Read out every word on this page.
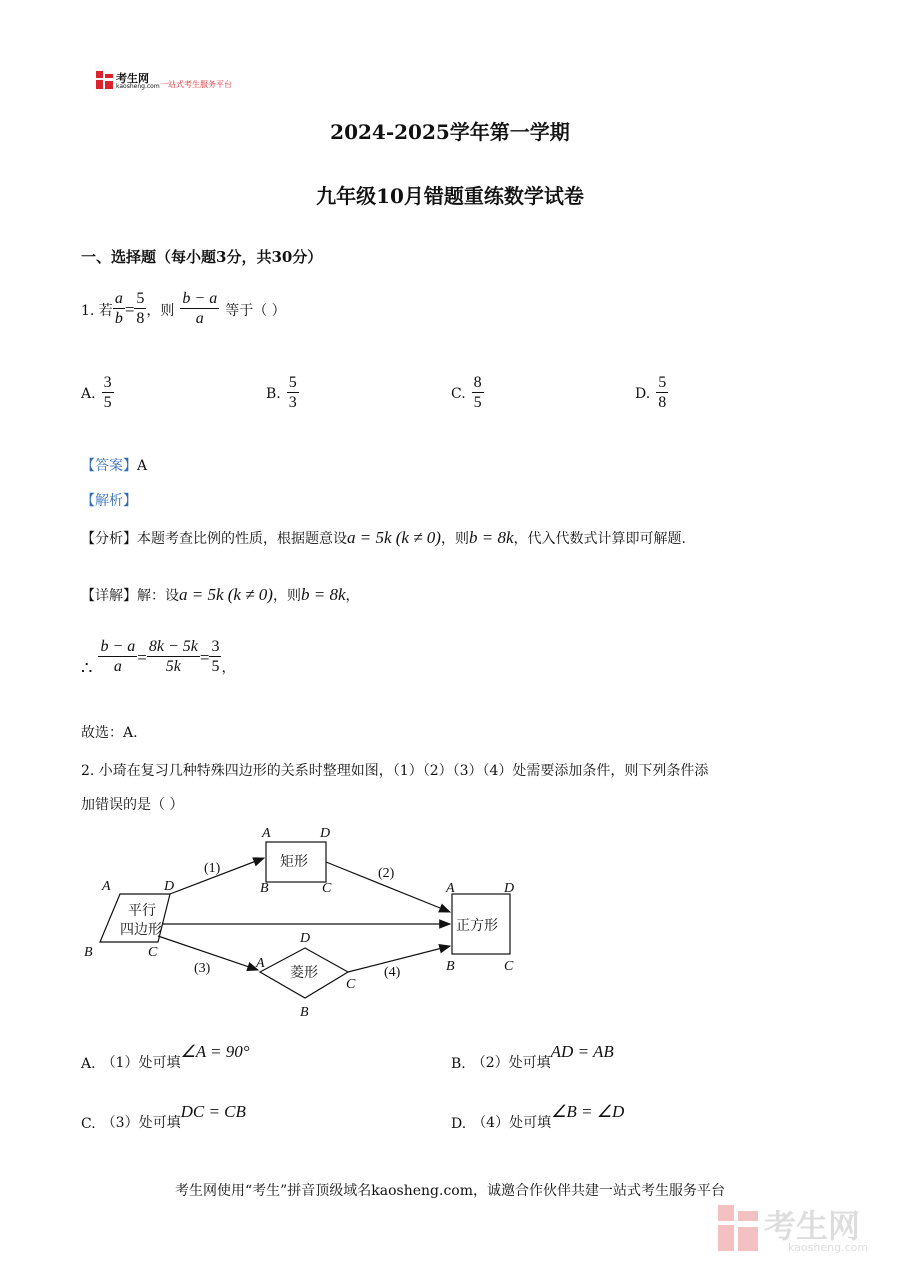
考生网
kaosheng.com 一站式考生服务平台
2024-2025学年第一学期
九年级10月错题重练数学试卷
一、选择题（每小题3分，共30分）
1. 若 $\frac{a}{b} = \frac{5}{8}$ ，则 $\frac{b - a}{a}$ 等于（ ）
A. $\frac{3}{5}$	B. $\frac{5}{3}$	C. $\frac{8}{5}$	D. $\frac{5}{8}$
【答案】A
【解析】
【分析】本题考查比例的性质，根据题意设a = 5k (k ≠ 0)，则b = 8k，代入代数式计算即可解题.
【详解】解：设a = 5k (k ≠ 0)，则b = 8k，
∴ $\frac{b - a}{a} = \frac{8k - 5k}{5k} = \frac{3}{5}$ ，
故选：A.
2. 小琦在复习几种特殊四边形的关系时整理如图，（1）（2）（3）（4）处需要添加条件，则下列条件添
加错误的是（ ）
平行
四边形
矩形
正方形
菱形
(1)	(2)
(3)	(4)
A	D
B	C
A	D
B	C	A	D
B	C
D
A
C
B
A. （1）处可填
∠A = 90°
B. （2）处可填
AD = AB
C. （3）处可填
DC = CB
D. （4）处可填
∠B = ∠D
考生网使用“考生”拼音顶级域名kaosheng.com，诚邀合作伙伴共建一站式考生服务平台
考生网
kaosheng.com
